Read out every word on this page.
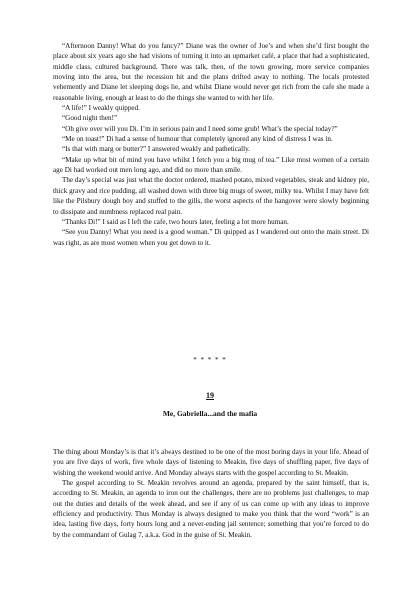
“Afternoon Danny! What do you fancy?” Diane was the owner of Joe’s and when she’d first bought the place about six years ago she had visions of turning it into an upmarket café, a place that had a sophisticated, middle class, cultured background. There was talk, then, of the town growing, more service companies moving into the area, but the recession hit and the plans drifted away to nothing. The locals protested vehemently and Diane let sleeping dogs lie, and whilst Diane would never get rich from the cafe she made a reasonable living, enough at least to do the things she wanted to with her life.

“A life!” I weakly quipped.

“Good night then!”

“Oh give over will you Di. I’m in serious pain and I need some grub! What’s the special today?”

“Me on toast!” Di had a sense of humour that completely ignored any kind of distress I was in.

“Is that with marg or butter?” I answered weakly and pathetically.

“Make up what bit of mind you have whilst I fetch you a big mug of tea.” Like most women of a certain age Di had worked out men long ago, and did no more than smile.

The day’s special was just what the doctor ordered, mashed potato, mixed vegetables, steak and kidney pie, thick gravy and rice pudding, all washed down with three big mugs of sweet, milky tea. Whilst I may have felt like the Pilsbury dough boy and stuffed to the gills, the worst aspects of the hangover were slowly beginning to dissipate and numbness replaced real pain.

“Thanks Di!” I said as I left the cafe, two hours later, feeling a lot more human.

“See you Danny! What you need is a good woman.” Di quipped as I wandered out onto the main street. Di was right, as are most women when you get down to it.

* * * * *
19
Me, Gabriella...and the mafia

The thing about Monday’s is that it’s always destined to be one of the most boring days in your life. Ahead of you are five days of work, five whole days of listening to Meakin, five days of shuffling paper, five days of wishing the weekend would arrive. And Monday always starts with the gospel according to St. Meakin.

The gospel according to St. Meakin revolves around an agenda, prepared by the saint himself, that is, according to St. Meakin, an agenda to iron out the challenges, there are no problems just challenges, to map out the duties and details of the week ahead, and see if any of us can come up with any ideas to improve efficiency and productivity. Thus Monday is always designed to make you think that the word “work” is an idea, lasting five days, forty hours long and a never-ending jail sentence; something that you’re forced to do by the commandant of Gulag 7, a.k.a. God in the guise of St. Meakin.
